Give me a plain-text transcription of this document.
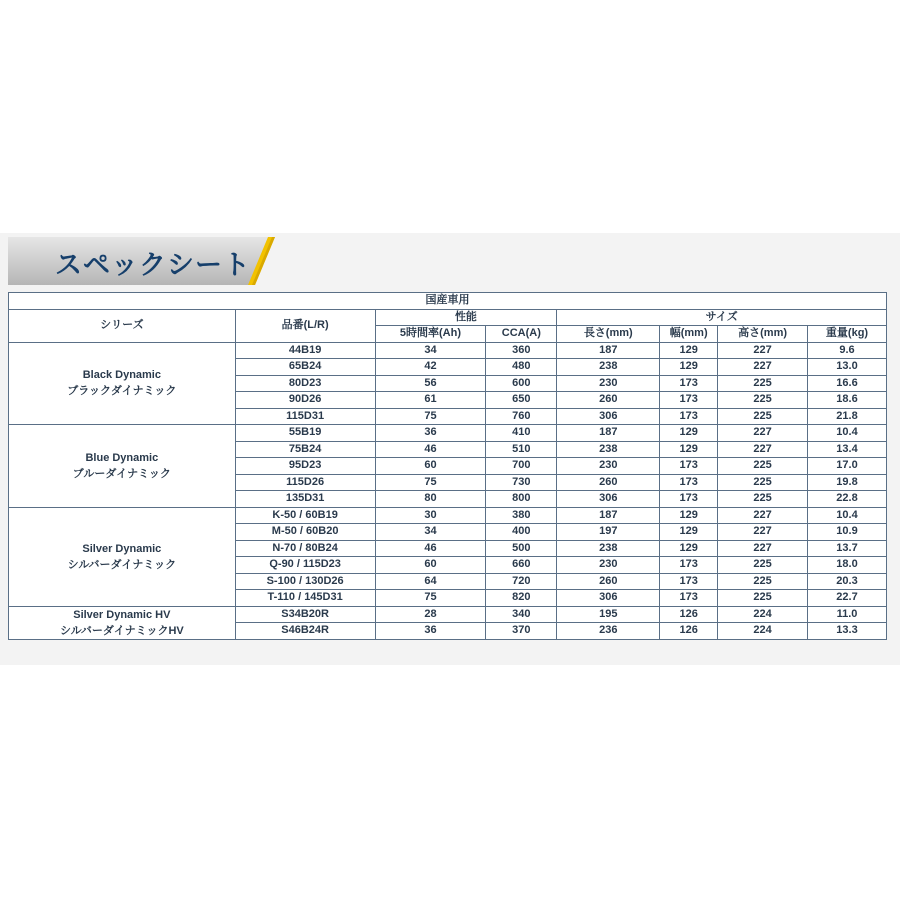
スペックシート
国産車用							
シリーズ	品番(L/R)	性能		サイズ			
		5時間率(Ah)	CCA(A)	長さ(mm)	幅(mm)	高さ(mm)	重量(kg)

Black Dynamic
ブラックダイナミック	44B19	34	360	187	129	227	9.6
	65B24	42	480	238	129	227	13.0
	80D23	56	600	230	173	225	16.6
	90D26	61	650	260	173	225	18.6
	115D31	75	760	306	173	225	21.8

Blue Dynamic
ブルーダイナミック	55B19	36	410	187	129	227	10.4
	75B24	46	510	238	129	227	13.4
	95D23	60	700	230	173	225	17.0
	115D26	75	730	260	173	225	19.8
	135D31	80	800	306	173	225	22.8

Silver Dynamic
シルバーダイナミック	K-50 / 60B19	30	380	187	129	227	10.4
	M-50 / 60B20	34	400	197	129	227	10.9
	N-70 / 80B24	46	500	238	129	227	13.7
	Q-90 / 115D23	60	660	230	173	225	18.0
	S-100 / 130D26	64	720	260	173	225	20.3
	T-110 / 145D31	75	820	306	173	225	22.7

Silver Dynamic HV
シルバーダイナミックHV	S34B20R	28	340	195	126	224	11.0
	S46B24R	36	370	236	126	224	13.3
